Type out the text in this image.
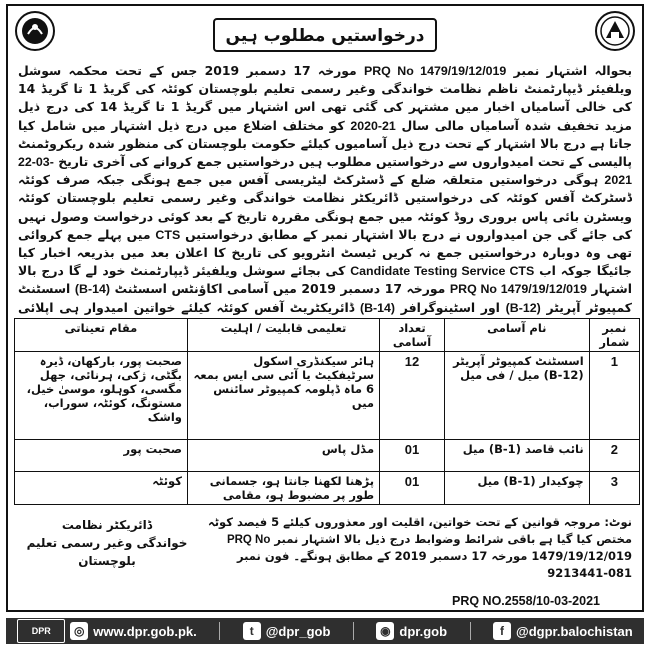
درخواستیں مطلوب ہیں
بحوالہ اشتہار نمبر PRQ No 1479/19/12/019 مورخہ 17 دسمبر 2019 جس کے تحت محکمہ سوشل ویلفیئر ڈیپارٹمنٹ ناظم نظامت خواندگی وغیر رسمی تعلیم بلوچستان کوئٹہ کی گریڈ 1 تا گریڈ 14 کی خالی آسامیاں اخبار میں مشتہر کی گئی تھی اس اشتہار میں گریڈ 1 تا گریڈ 14 کی درج ذیل مزید تخفیف شدہ آسامیاں مالی سال 2020-21 کو مختلف اضلاع میں درج ذیل اشتہار میں شامل کیا جاتا ہے درج بالا اشتہار کے تحت درج ذیل آسامیوں کیلئے حکومت بلوچستان کی منظور شدہ ریکروٹمنٹ پالیسی کے تحت امیدواروں سے درخواستیں مطلوب ہیں درخواستیں جمع کروانے کی آخری تاریخ 22-03-2021 ہوگی درخواستیں متعلقہ ضلع کے ڈسٹرکٹ لیٹریسی آفس میں جمع ہونگی جبکہ صرف کوئٹہ ڈسٹرکٹ آفس کوئٹہ کی درخواستیں ڈائریکٹر نظامت خواندگی وغیر رسمی تعلیم بلوچستان کوئٹہ ویسٹرن بائی پاس بروری روڈ کوئٹہ میں جمع ہونگی مقررہ تاریخ کے بعد کوئی درخواست وصول نہیں کی جائے گی جن امیدواروں نے درج بالا اشتہار نمبر کے مطابق درخواستیں CTS میں پہلے جمع کروائی تھی وہ دوبارہ درخواستیں جمع نہ کریں ٹیسٹ انٹرویو کی تاریخ کا اعلان بعد میں بذریعہ اخبار کیا جائیگا جوکہ اب Candidate Testing Service CTS کی بجائے سوشل ویلفیئر ڈیپارٹمنٹ خود لے گا درج بالا اشتہار PRQ No 1479/19/12/019 مورخہ 17 دسمبر 2019 میں آسامی اکاؤنٹس اسسٹنٹ (B-14) اسسٹنٹ کمپیوٹر آپریٹر (B-12) اور اسٹینوگرافر (B-14) ڈائریکٹریٹ آفس کوئٹہ کیلئے خواتین امیدوار ہی اپلائی
نمبر شمار	نام آسامی	تعداد آسامی	تعلیمی قابلیت / اہلیت	مقام تعیناتی
1	اسسٹنٹ کمپیوٹر آپریٹر (B-12) میل / فی میل	12	ہائر سیکنڈری اسکول سرٹیفکیٹ یا آئی سی ایس بمعہ 6 ماہ ڈپلومہ کمپیوٹر سائنس میں	صحبت پور، بارکھان، ڈیرہ بگٹی، ژکی، ہرنائی، جھل مگسی، کوہلو، موسیٰ خیل، مستونگ، کوئٹہ، سوراب، واشک
2	نائب قاصد (B-1) میل	01	مڈل پاس	صحبت پور
3	چوکیدار (B-1) میل	01	پڑھنا لکھنا جانتا ہو، جسمانی طور پر مضبوط ہو، مقامی	کوئٹہ
نوٹ: مروجہ قوانین کے تحت خواتین، اقلیت اور معذوروں کیلئے 5 فیصد کوٹہ مختص کیا گیا ہے باقی شرائط وضوابط درج ذیل بالا اشتہار نمبر PRQ No
1479/19/12/019 مورخہ 17 دسمبر 2019 کے مطابق ہونگے۔ فون نمبر 081-9213441
ڈائریکٹر نظامت
خواندگی وغیر رسمی تعلیم بلوچستان
PRQ NO.2558/10-03-2021
DPR	◎ www.dpr.gob.pk.	t @dpr_gob	◉ dpr.gob	f @dgpr.balochistan
